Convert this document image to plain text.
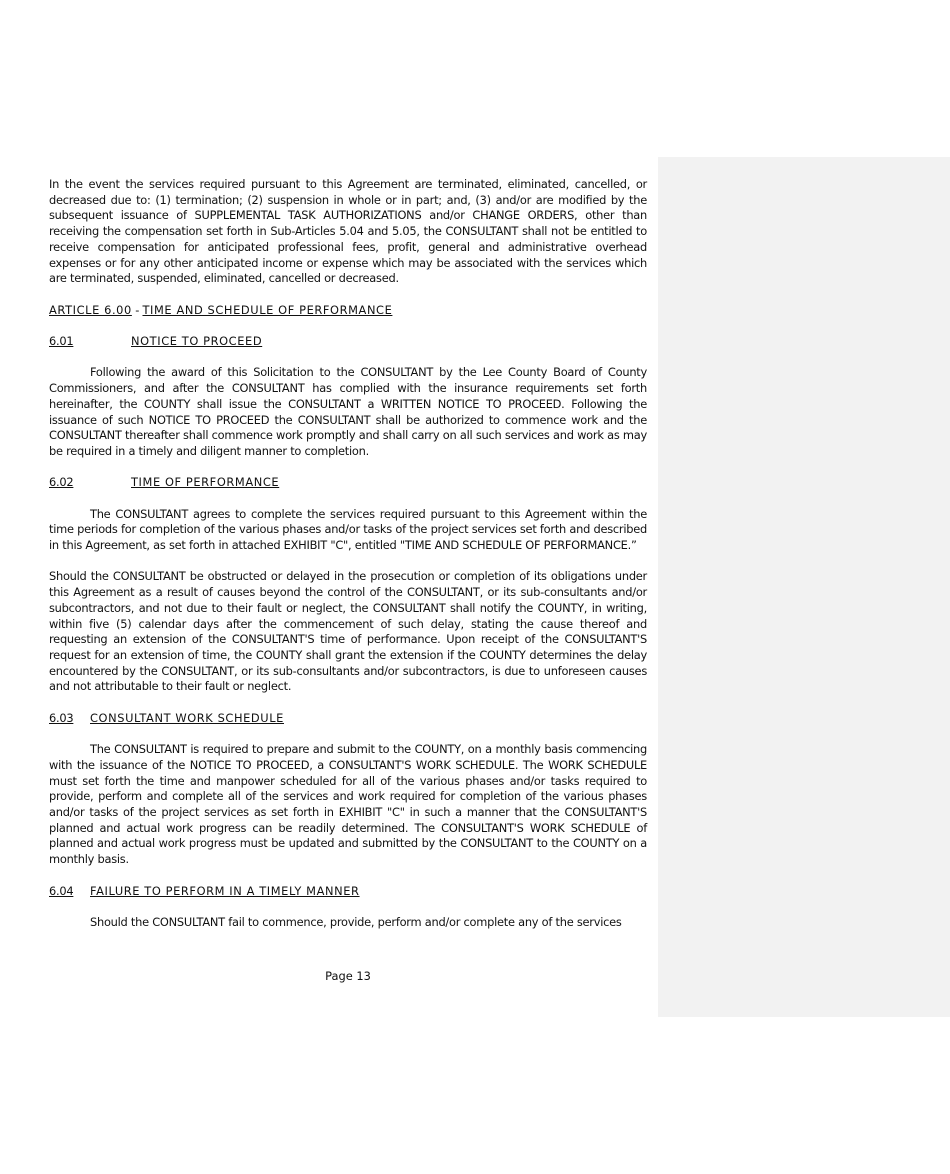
In the event the services required pursuant to this Agreement are terminated, eliminated, cancelled, or decreased due to: (1) termination; (2) suspension in whole or in part; and, (3) and/or are modified by the subsequent issuance of SUPPLEMENTAL TASK AUTHORIZATIONS and/or CHANGE ORDERS, other than receiving the compensation set forth in Sub-Articles 5.04 and 5.05, the CONSULTANT shall not be entitled to receive compensation for anticipated professional fees, profit, general and administrative overhead expenses or for any other anticipated income or expense which may be associated with the services which are terminated, suspended, eliminated, cancelled or decreased.

ARTICLE 6.00 - TIME AND SCHEDULE OF PERFORMANCE

6.01	NOTICE TO PROCEED

Following the award of this Solicitation to the CONSULTANT by the Lee County Board of County Commissioners, and after the CONSULTANT has complied with the insurance requirements set forth hereinafter, the COUNTY shall issue the CONSULTANT a WRITTEN NOTICE TO PROCEED. Following the issuance of such NOTICE TO PROCEED the CONSULTANT shall be authorized to commence work and the CONSULTANT thereafter shall commence work promptly and shall carry on all such services and work as may be required in a timely and diligent manner to completion.

6.02	TIME OF PERFORMANCE

The CONSULTANT agrees to complete the services required pursuant to this Agreement within the time periods for completion of the various phases and/or tasks of the project services set forth and described in this Agreement, as set forth in attached EXHIBIT "C", entitled "TIME AND SCHEDULE OF PERFORMANCE.”

Should the CONSULTANT be obstructed or delayed in the prosecution or completion of its obligations under this Agreement as a result of causes beyond the control of the CONSULTANT, or its sub-consultants and/or subcontractors, and not due to their fault or neglect, the CONSULTANT shall notify the COUNTY, in writing, within five (5) calendar days after the commencement of such delay, stating the cause thereof and requesting an extension of the CONSULTANT'S time of performance. Upon receipt of the CONSULTANT'S request for an extension of time, the COUNTY shall grant the extension if the COUNTY determines the delay encountered by the CONSULTANT, or its sub-consultants and/or subcontractors, is due to unforeseen causes and not attributable to their fault or neglect.

6.03 CONSULTANT WORK SCHEDULE

The CONSULTANT is required to prepare and submit to the COUNTY, on a monthly basis commencing with the issuance of the NOTICE TO PROCEED, a CONSULTANT'S WORK SCHEDULE. The WORK SCHEDULE must set forth the time and manpower scheduled for all of the various phases and/or tasks required to provide, perform and complete all of the services and work required for completion of the various phases and/or tasks of the project services as set forth in EXHIBIT "C" in such a manner that the CONSULTANT'S planned and actual work progress can be readily determined. The CONSULTANT'S WORK SCHEDULE of planned and actual work progress must be updated and submitted by the CONSULTANT to the COUNTY on a monthly basis.

6.04 FAILURE TO PERFORM IN A TIMELY MANNER

Should the CONSULTANT fail to commence, provide, perform and/or complete any of the services

Page 13
